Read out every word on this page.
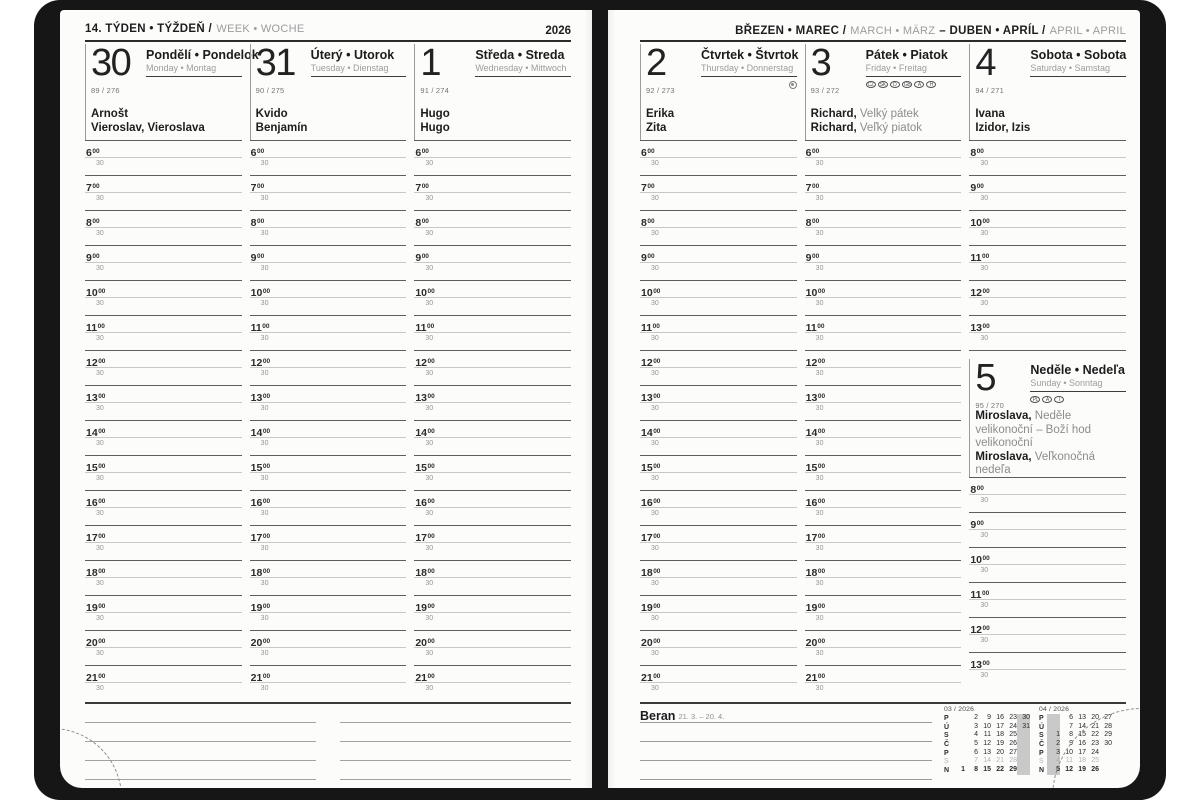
14. TÝDEN • TÝŽDEŇ / WEEK • WOCHE	2026
30
89 / 276
Pondělí • Pondelok
Monday • Montag
Arnošt
Vieroslav, Vieroslava
$6^{00}$
30
$7^{00}$
30
$8^{00}$
30
$9^{00}$
30
$10^{00}$
30
$11^{00}$
30
$12^{00}$
30
$13^{00}$
30
$14^{00}$
30
$15^{00}$
30
$16^{00}$
30
$17^{00}$
30
$18^{00}$
30
$19^{00}$
30
$20^{00}$
30
$21^{00}$
30
31
90 / 275
Úterý • Utorok
Tuesday • Dienstag
Kvido
Benjamín
$6^{00}$
30
$7^{00}$
30
$8^{00}$
30
$9^{00}$
30
$10^{00}$
30
$11^{00}$
30
$12^{00}$
30
$13^{00}$
30
$14^{00}$
30
$15^{00}$
30
$16^{00}$
30
$17^{00}$
30
$18^{00}$
30
$19^{00}$
30
$20^{00}$
30
$21^{00}$
30
1
91 / 274
Středa • Streda
Wednesday • Mittwoch
Hugo
Hugo
$6^{00}$
30
$7^{00}$
30
$8^{00}$
30
$9^{00}$
30
$10^{00}$
30
$11^{00}$
30
$12^{00}$
30
$13^{00}$
30
$14^{00}$
30
$15^{00}$
30
$16^{00}$
30
$17^{00}$
30
$18^{00}$
30
$19^{00}$
30
$20^{00}$
30
$21^{00}$
30
BŘEZEN • MAREC / MARCH • MÄRZ – DUBEN • APRÍL / APRIL • APRIL
2
92 / 273
Čtvrtek • Štvrtok
Thursday • Donnerstag
Erika
Zita
$6^{00}$
30
$7^{00}$
30
$8^{00}$
30
$9^{00}$
30
$10^{00}$
30
$11^{00}$
30
$12^{00}$
30
$13^{00}$
30
$14^{00}$
30
$15^{00}$
30
$16^{00}$
30
$17^{00}$
30
$18^{00}$
30
$19^{00}$
30
$20^{00}$
30
$21^{00}$
30
3
93 / 272
Pátek • Piatok
Friday • Freitag
CZ	SK	D	GB	A	H
Richard, Velký pátek
Richard, Veľký piatok
$6^{00}$
30
$7^{00}$
30
$8^{00}$
30
$9^{00}$
30
$10^{00}$
30
$11^{00}$
30
$12^{00}$
30
$13^{00}$
30
$14^{00}$
30
$15^{00}$
30
$16^{00}$
30
$17^{00}$
30
$18^{00}$
30
$19^{00}$
30
$20^{00}$
30
$21^{00}$
30
4
94 / 271
Sobota • Sobota
Saturday • Samstag
Ivana
Izidor, Izis
$8^{00}$
30
$9^{00}$
30
$10^{00}$
30
$11^{00}$
30
$12^{00}$
30
$13^{00}$
30
5
95 / 270
Neděle • Nedeľa
Sunday • Sonntag
PL	A	I
Miroslava, Neděle velikonoční – Boží hod velikonoční
Miroslava, Veľkonočná nedeľa
$8^{00}$
30
$9^{00}$
30
$10^{00}$
30
$11^{00}$
30
$12^{00}$
30
$13^{00}$
30
Beran 21. 3. – 20. 4.
03 / 2026
P	2	9 16 23 30
Ú	3 10 17 24 31
S	4 11 18 25
Č	5 12 19 26
P	6 13 20 27
S	7 14 21 28
N	1	8 15 22 29
04 / 2026
P	6 13 20 27
Ú	7 14 21 28
S	1	8 15 22 29
Č	2	9 16 23 30
P	3 10 17 24
S	4 11 18 25
N	5 12 19 26
